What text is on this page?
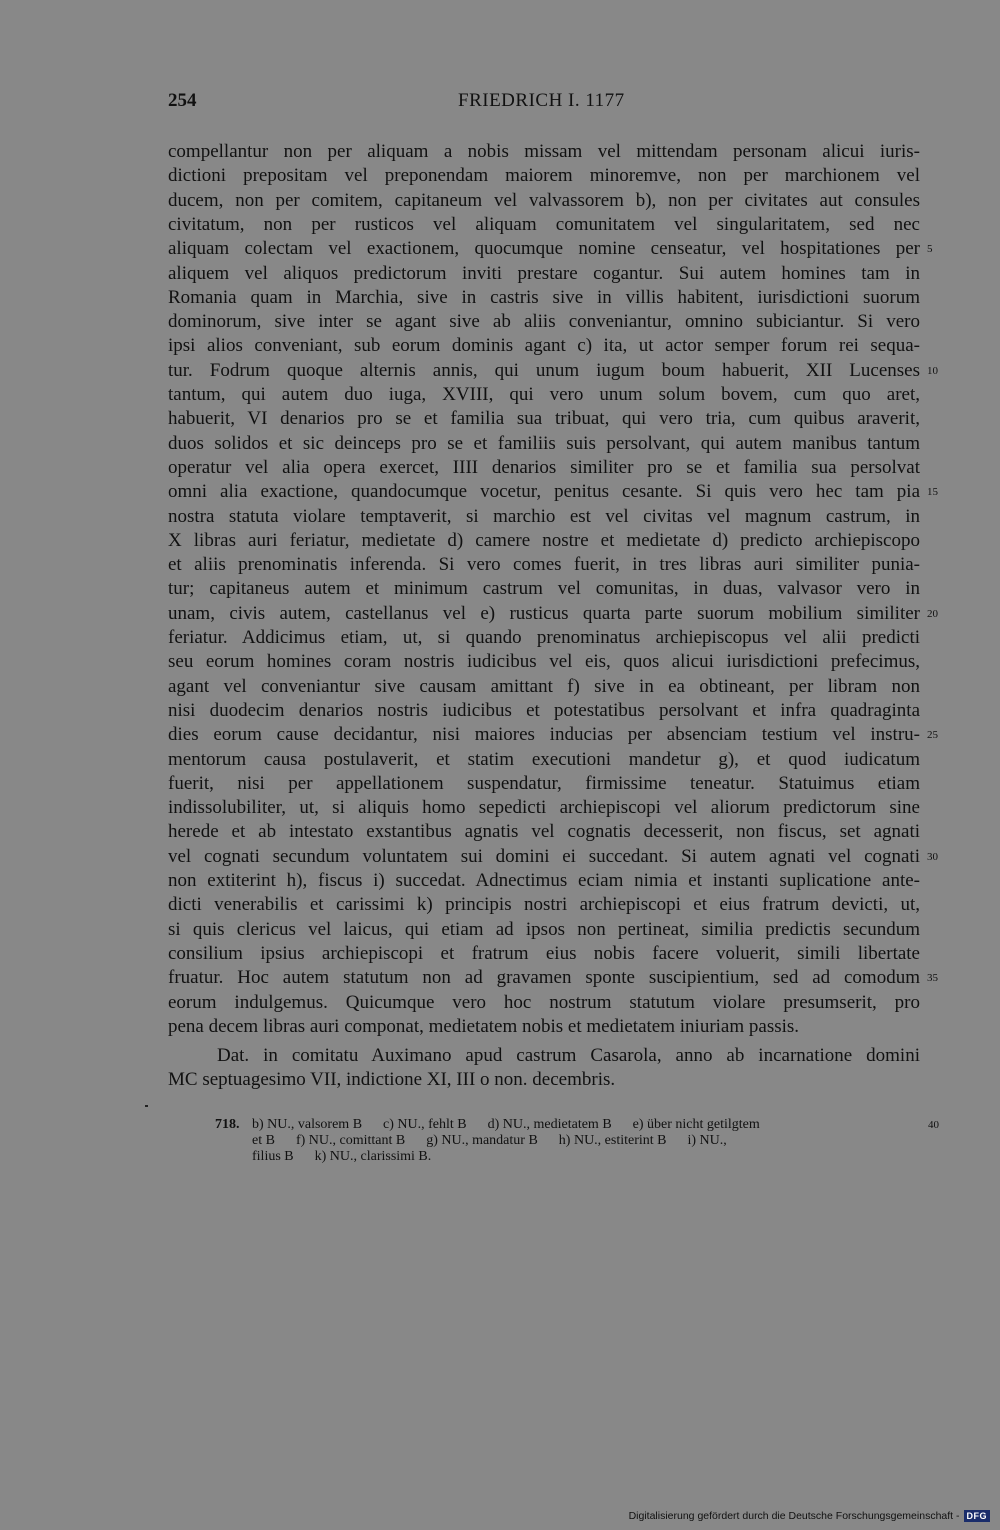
254	FRIEDRICH I. 1177
compellantur non per aliquam a nobis missam vel mittendam personam alicui iuris-
dictioni prepositam vel preponendam maiorem minoremve, non per marchionem vel
ducem, non per comitem, capitaneum vel valvassorem b), non per civitates aut consules
civitatum, non per rusticos vel aliquam comunitatem vel singularitatem, sed nec
aliquam colectam vel exactionem, quocumque nomine censeatur, vel hospitationes per
aliquem vel aliquos predictorum inviti prestare cogantur. Sui autem homines tam in
Romania quam in Marchia, sive in castris sive in villis habitent, iurisdictioni suorum
dominorum, sive inter se agant sive ab aliis conveniantur, omnino subiciantur. Si vero
ipsi alios conveniant, sub eorum dominis agant c) ita, ut actor semper forum rei sequa-
tur. Fodrum quoque alternis annis, qui unum iugum boum habuerit, XII Lucenses
tantum, qui autem duo iuga, XVIII, qui vero unum solum bovem, cum quo aret,
habuerit, VI denarios pro se et familia sua tribuat, qui vero tria, cum quibus araverit,
duos solidos et sic deinceps pro se et familiis suis persolvant, qui autem manibus tantum
operatur vel alia opera exercet, IIII denarios similiter pro se et familia sua persolvat
omni alia exactione, quandocumque vocetur, penitus cesante. Si quis vero hec tam pia
nostra statuta violare temptaverit, si marchio est vel civitas vel magnum castrum, in
X libras auri feriatur, medietate d) camere nostre et medietate d) predicto archiepiscopo
et aliis prenominatis inferenda. Si vero comes fuerit, in tres libras auri similiter punia-
tur; capitaneus autem et minimum castrum vel comunitas, in duas, valvasor vero in
unam, civis autem, castellanus vel e) rusticus quarta parte suorum mobilium similiter
feriatur. Addicimus etiam, ut, si quando prenominatus archiepiscopus vel alii predicti
seu eorum homines coram nostris iudicibus vel eis, quos alicui iurisdictioni prefecimus,
agant vel conveniantur sive causam amittant f) sive in ea obtineant, per libram non
nisi duodecim denarios nostris iudicibus et potestatibus persolvant et infra quadraginta
dies eorum cause decidantur, nisi maiores inducias per absenciam testium vel instru-
mentorum causa postulaverit, et statim executioni mandetur g), et quod iudicatum
fuerit, nisi per appellationem suspendatur, firmissime teneatur. Statuimus etiam
indissolubiliter, ut, si aliquis homo sepedicti archiepiscopi vel aliorum predictorum sine
herede et ab intestato exstantibus agnatis vel cognatis decesserit, non fiscus, set agnati
vel cognati secundum voluntatem sui domini ei succedant. Si autem agnati vel cognati
non extiterint h), fiscus i) succedat. Adnectimus eciam nimia et instanti suplicatione ante-
dicti venerabilis et carissimi k) principis nostri archiepiscopi et eius fratrum devicti, ut,
si quis clericus vel laicus, qui etiam ad ipsos non pertineat, similia predictis secundum
consilium ipsius archiepiscopi et fratrum eius nobis facere voluerit, simili libertate
fruatur. Hoc autem statutum non ad gravamen sponte suscipientium, sed ad comodum
eorum indulgemus. Quicumque vero hoc nostrum statutum violare presumserit, pro
pena decem libras auri componat, medietatem nobis et medietatem iniuriam passis.
5
10
15
20
25
30
35
Dat. in comitatu Auximano apud castrum Casarola, anno ab incarnatione domini
MC septuagesimo VII, indictione XI, III o non. decembris.
718. b) NU., valsorem B      c) NU., fehlt B      d) NU., medietatem B      e) über nicht getilgtem
et B      f) NU., comittant B      g) NU., mandatur B      h) NU., estiterint B      i) NU.,
filius B      k) NU., clarissimi B.
40
Digitalisierung gefördert durch die Deutsche Forschungsgemeinschaft - DFG
